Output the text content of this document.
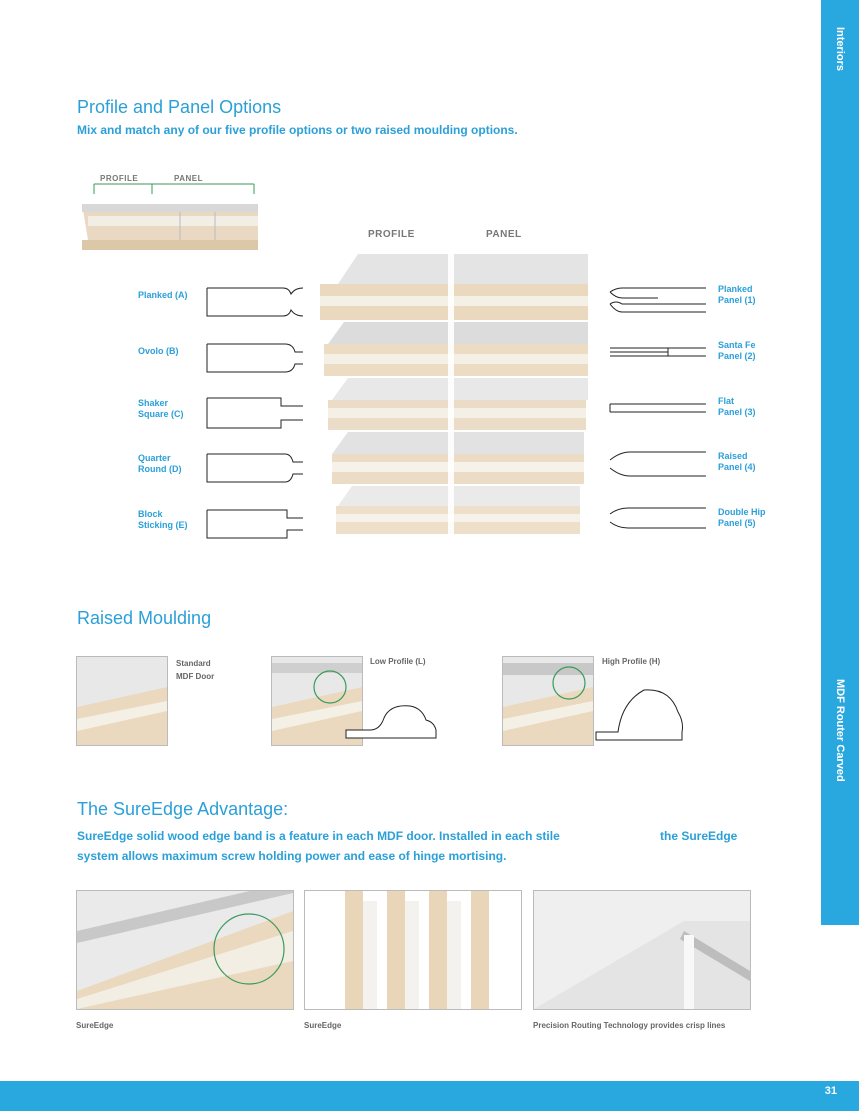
Interiors
MDF Router Carved
Profile and Panel Options
Mix and match any of our five profile options or two raised moulding options.
PROFILE	PANEL
PROFILE	PANEL
Planked (A)
Ovolo (B)
Shaker
Square (C)
Quarter
Round (D)
Block
Sticking (E)
Planked
Panel (1)
Santa Fe
Panel (2)
Flat
Panel (3)
Raised
Panel (4)
Double Hip
Panel (5)
Raised Moulding
Standard
MDF Door
Low Profile (L)	High Profile (H)
The SureEdge Advantage:
SureEdge solid wood edge band is a feature in each MDF door. Installed in each stile	the SureEdge
system allows maximum screw holding power and ease of hinge mortising.
SureEdge	SureEdge	Precision Routing Technology provides crisp lines
31
